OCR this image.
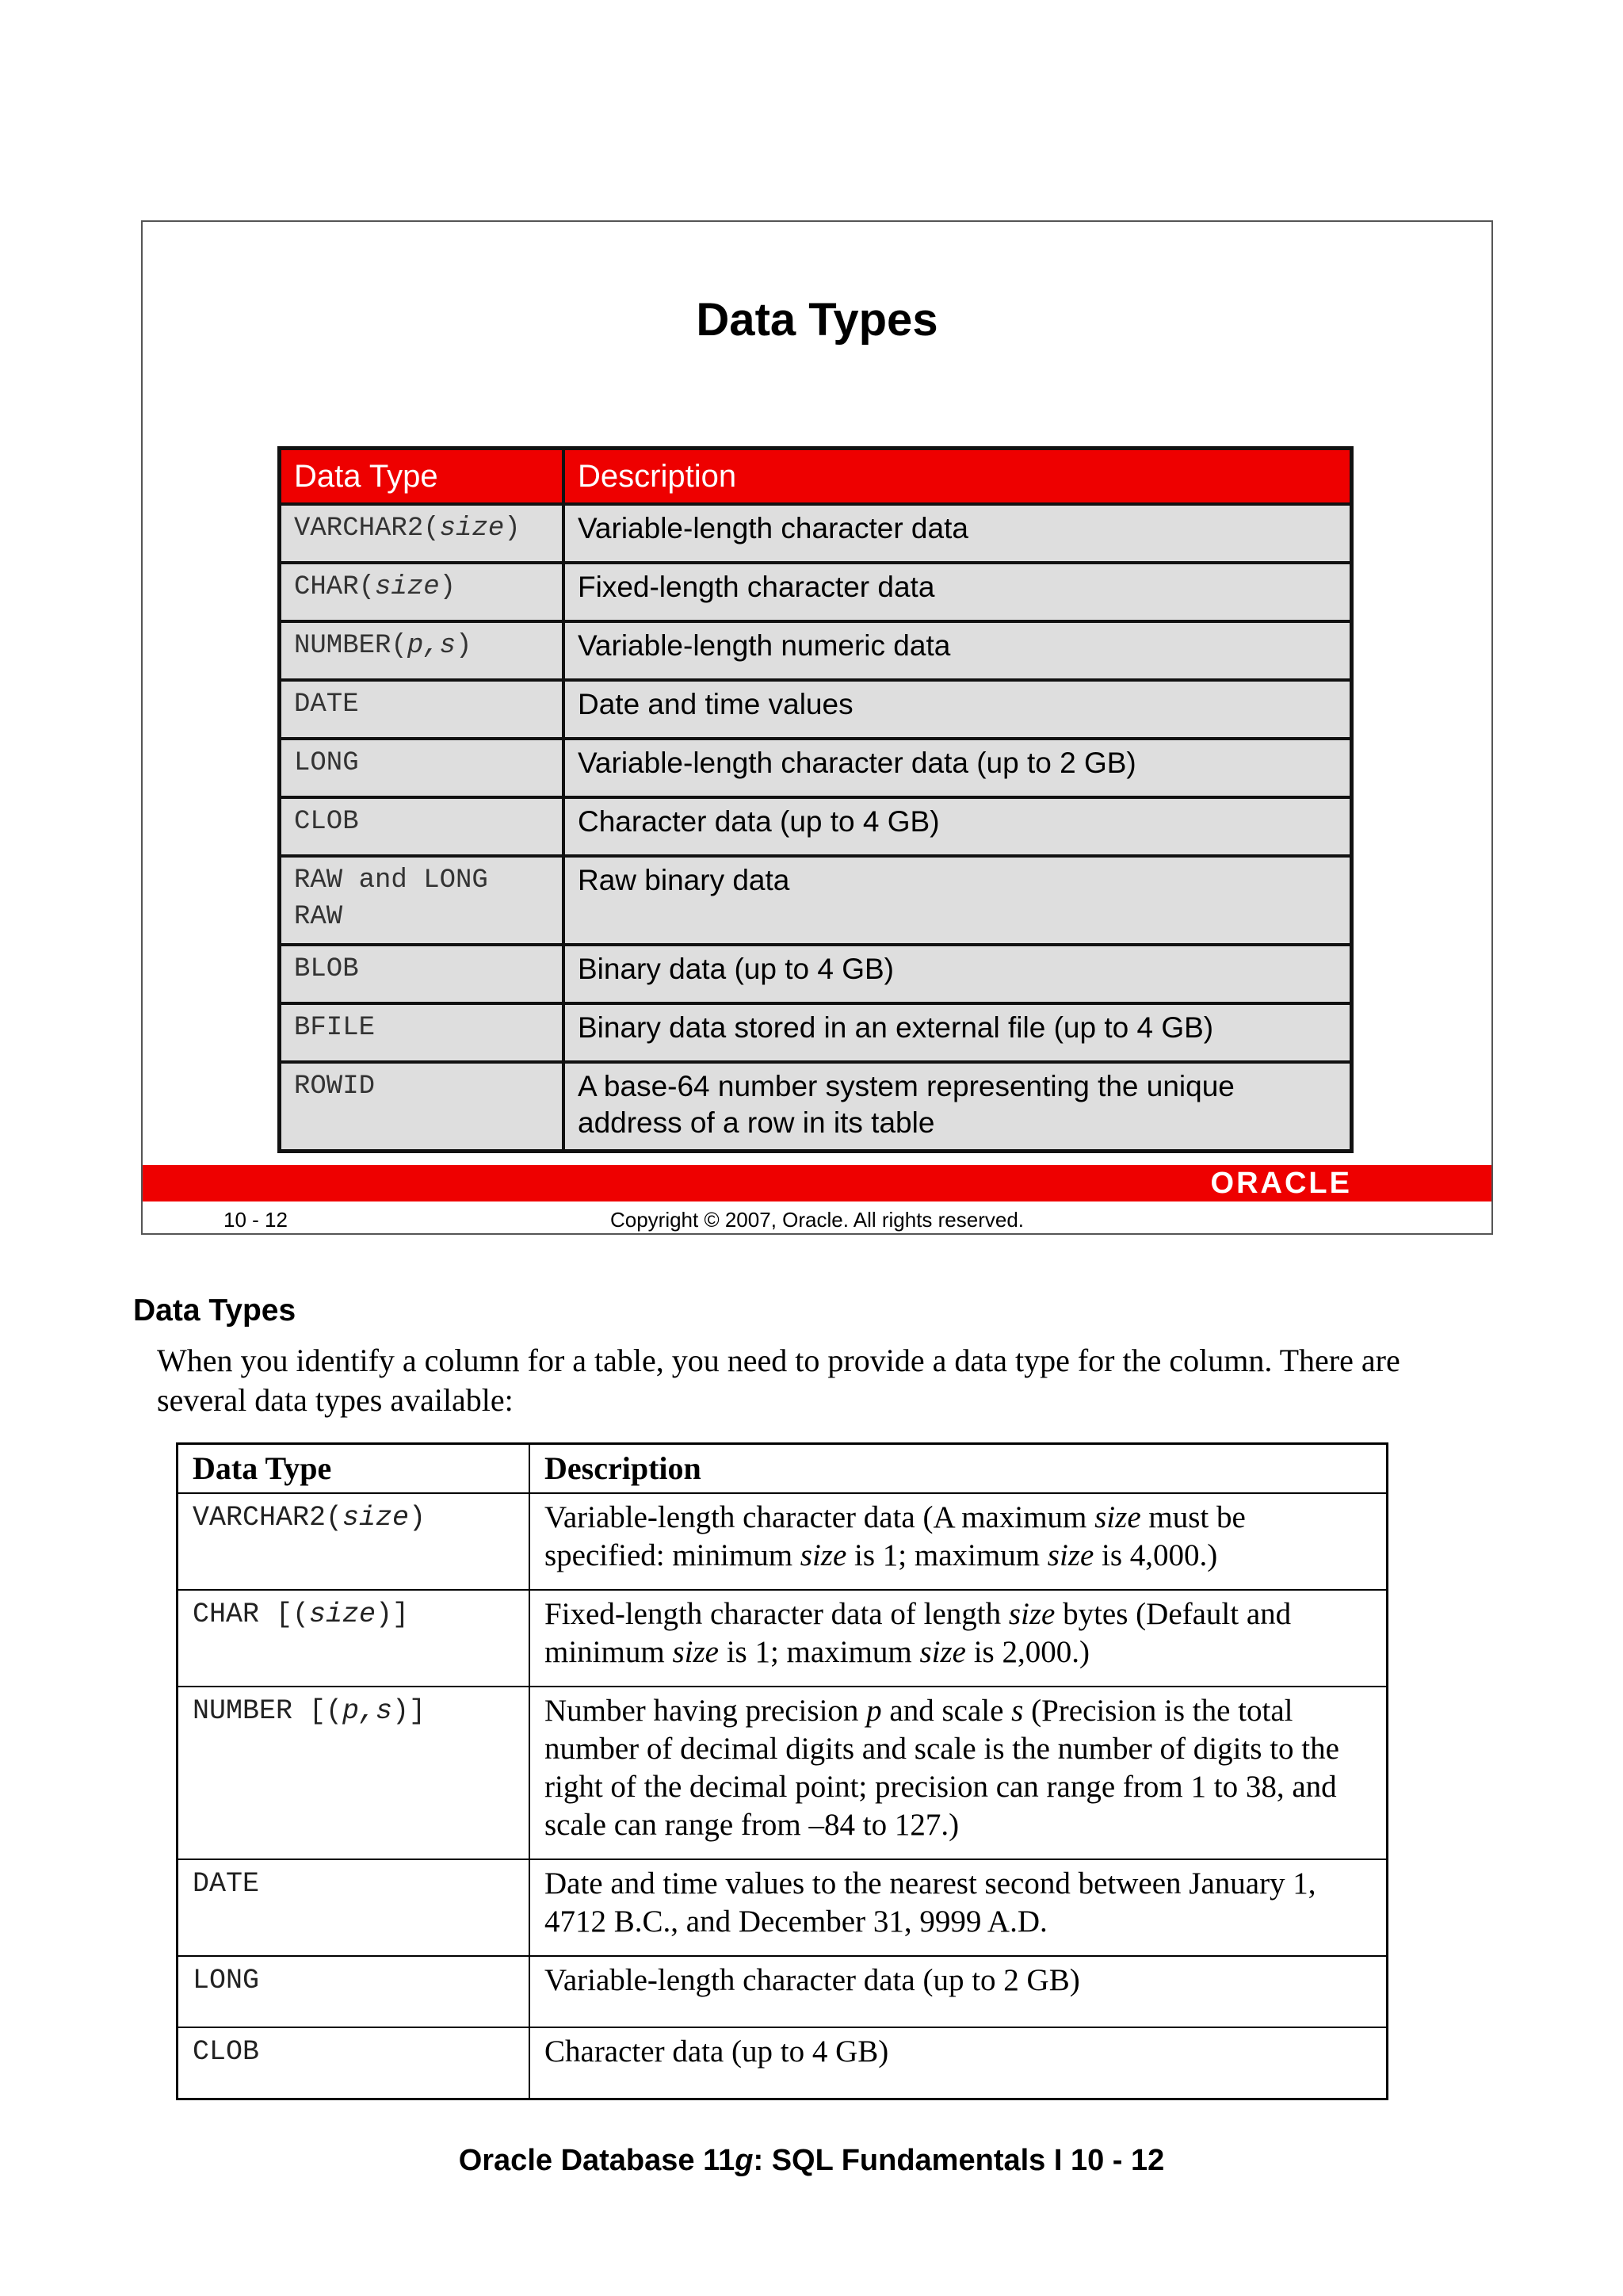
Data Types
Data Type	Description
VARCHAR2(size)	Variable-length character data
CHAR(size)	Fixed-length character data
NUMBER(p,s)	Variable-length numeric data
DATE	Date and time values
LONG	Variable-length character data (up to 2 GB)
CLOB	Character data (up to 4 GB)
RAW and LONG RAW	Raw binary data
BLOB	Binary data (up to 4 GB)
BFILE	Binary data stored in an external file (up to 4 GB)
ROWID	A base-64 number system representing the unique address of a row in its table
ORACLE
10 - 12	Copyright © 2007, Oracle. All rights reserved.
Data Types
When you identify a column for a table, you need to provide a data type for the column. There are several data types available:
Data Type	Description
VARCHAR2(size)	Variable-length character data (A maximum size must be specified: minimum size is 1; maximum size is 4,000.)
CHAR [(size)]	Fixed-length character data of length size bytes (Default and minimum size is 1; maximum size is 2,000.)
NUMBER [(p,s)]	Number having precision p and scale s (Precision is the total number of decimal digits and scale is the number of digits to the right of the decimal point; precision can range from 1 to 38, and scale can range from –84 to 127.)
DATE	Date and time values to the nearest second between January 1, 4712 B.C., and December 31, 9999 A.D.
LONG	Variable-length character data (up to 2 GB)
CLOB	Character data (up to 4 GB)
Oracle Database 11g: SQL Fundamentals I 10 - 12
